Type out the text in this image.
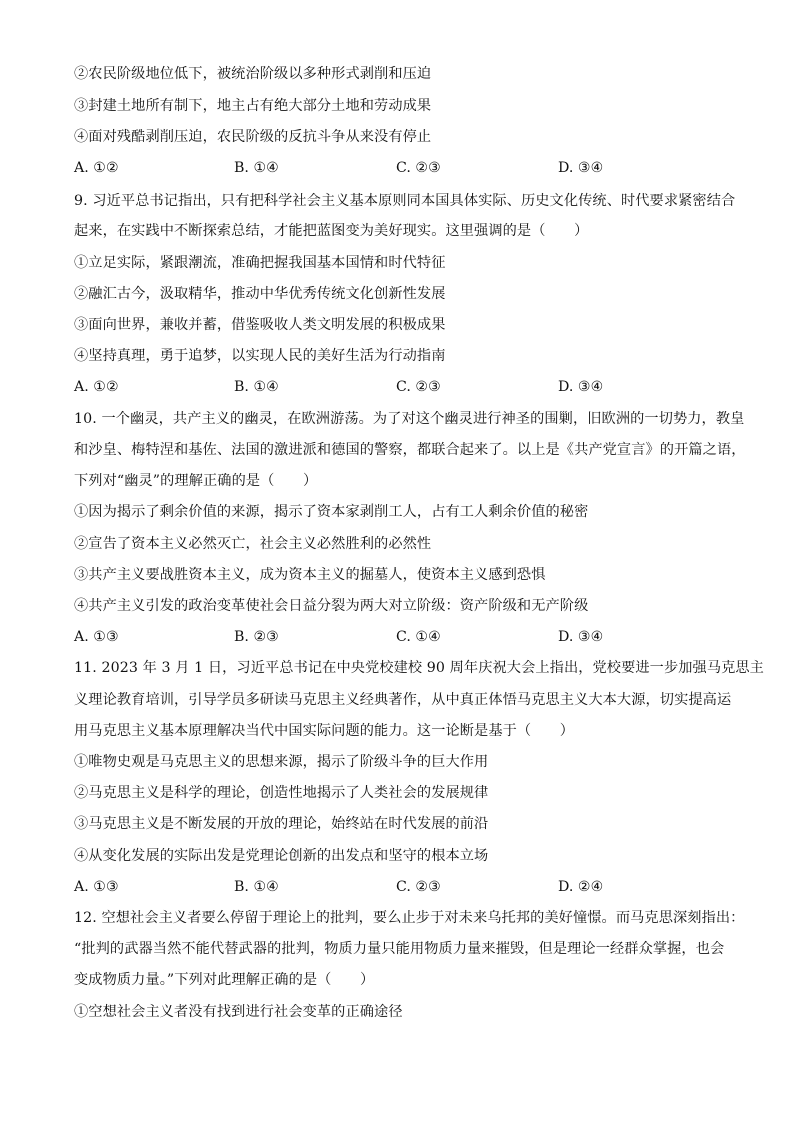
②农民阶级地位低下，被统治阶级以多种形式剥削和压迫
③封建土地所有制下，地主占有绝大部分土地和劳动成果
④面对残酷剥削压迫，农民阶级的反抗斗争从来没有停止
A. ①②	B. ①④	C. ②③	D. ③④
9. 习近平总书记指出，只有把科学社会主义基本原则同本国具体实际、历史文化传统、时代要求紧密结合
起来，在实践中不断探索总结，才能把蓝图变为美好现实。这里强调的是（　　）
①立足实际，紧跟潮流，准确把握我国基本国情和时代特征
②融汇古今，汲取精华，推动中华优秀传统文化创新性发展
③面向世界，兼收并蓄，借鉴吸收人类文明发展的积极成果
④坚持真理，勇于追梦，以实现人民的美好生活为行动指南
A. ①②	B. ①④	C. ②③	D. ③④
10. 一个幽灵，共产主义的幽灵，在欧洲游荡。为了对这个幽灵进行神圣的围剿，旧欧洲的一切势力，教皇
和沙皇、梅特涅和基佐、法国的激进派和德国的警察，都联合起来了。以上是《共产党宣言》的开篇之语，
下列对“幽灵”的理解正确的是（　　）
①因为揭示了剩余价值的来源，揭示了资本家剥削工人，占有工人剩余价值的秘密
②宣告了资本主义必然灭亡，社会主义必然胜利的必然性
③共产主义要战胜资本主义，成为资本主义的掘墓人，使资本主义感到恐惧
④共产主义引发的政治变革使社会日益分裂为两大对立阶级：资产阶级和无产阶级
A. ①③	B. ②③	C. ①④	D. ③④
11. 2023 年 3 月 1 日，习近平总书记在中央党校建校 90 周年庆祝大会上指出，党校要进一步加强马克思主
义理论教育培训，引导学员多研读马克思主义经典著作，从中真正体悟马克思主义大本大源，切实提高运
用马克思主义基本原理解决当代中国实际问题的能力。这一论断是基于（　　）
①唯物史观是马克思主义的思想来源，揭示了阶级斗争的巨大作用
②马克思主义是科学的理论，创造性地揭示了人类社会的发展规律
③马克思主义是不断发展的开放的理论，始终站在时代发展的前沿
④从变化发展的实际出发是党理论创新的出发点和坚守的根本立场
A. ①③	B. ①④	C. ②③	D. ②④
12. 空想社会主义者要么停留于理论上的批判，要么止步于对未来乌托邦的美好憧憬。而马克思深刻指出：
“批判的武器当然不能代替武器的批判，物质力量只能用物质力量来摧毁，但是理论一经群众掌握，也会
变成物质力量。”下列对此理解正确的是（　　）
①空想社会主义者没有找到进行社会变革的正确途径
